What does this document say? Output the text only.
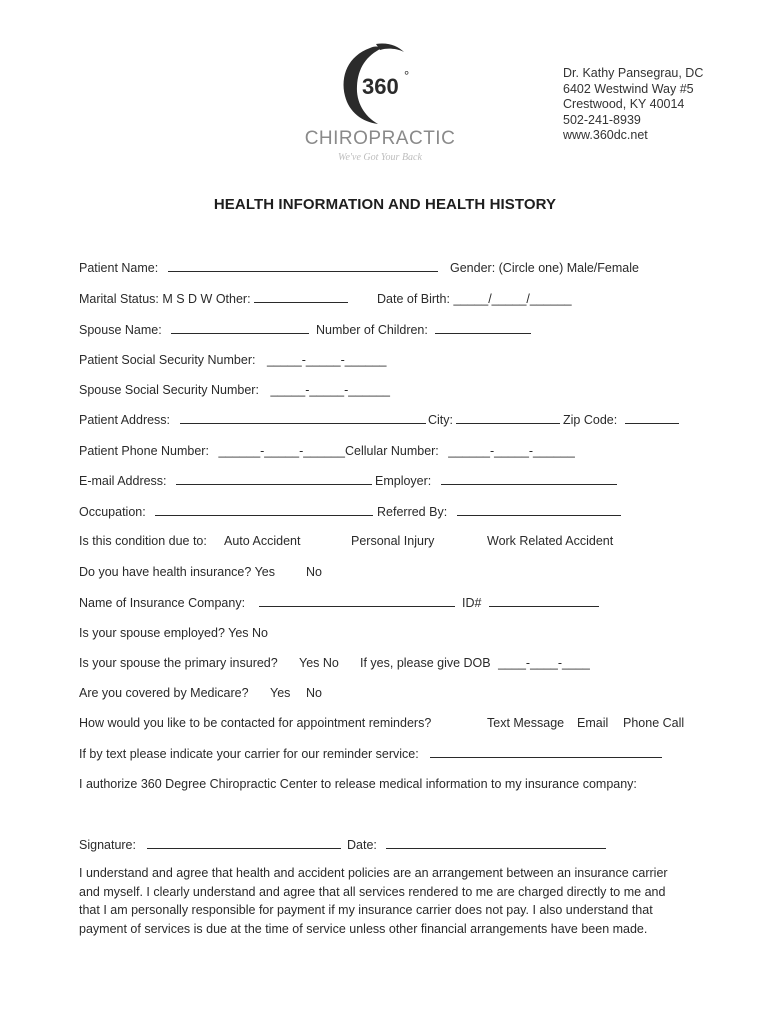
360 °
CHIROPRACTIC
We've Got Your Back
Dr. Kathy Pansegrau, DC
6402 Westwind Way #5
Crestwood, KY 40014
502-241-8939
www.360dc.net
HEALTH INFORMATION AND HEALTH HISTORY
Patient Name:	Gender: (Circle one) Male/Female
Marital Status: M S D W Other:	Date of Birth: _____/_____/______
Spouse Name:	Number of Children:
Patient Social Security Number: _____-_____-______
Spouse Social Security Number: _____-_____-______
Patient Address:	City:	Zip Code:
Patient Phone Number: ______-_____-______ Cellular Number: ______-_____-______
E-mail Address:	Employer:
Occupation:	Referred By:
Is this condition due to: Auto Accident	Personal Injury	Work Related Accident
Do you have health insurance? Yes No
Name of Insurance Company:	ID#
Is your spouse employed? Yes No
Is your spouse the primary insured? Yes No If yes, please give DOB ____-____-____
Are you covered by Medicare? Yes No
How would you like to be contacted for appointment reminders?	Text Message Email Phone Call
If by text please indicate your carrier for our reminder service:
I authorize 360 Degree Chiropractic Center to release medical information to my insurance company:
Signature:	Date:
I understand and agree that health and accident policies are an arrangement between an insurance carrier and myself. I clearly understand and agree that all services rendered to me are charged directly to me and that I am personally responsible for payment if my insurance carrier does not pay. I also understand that payment of services is due at the time of service unless other financial arrangements have been made.
